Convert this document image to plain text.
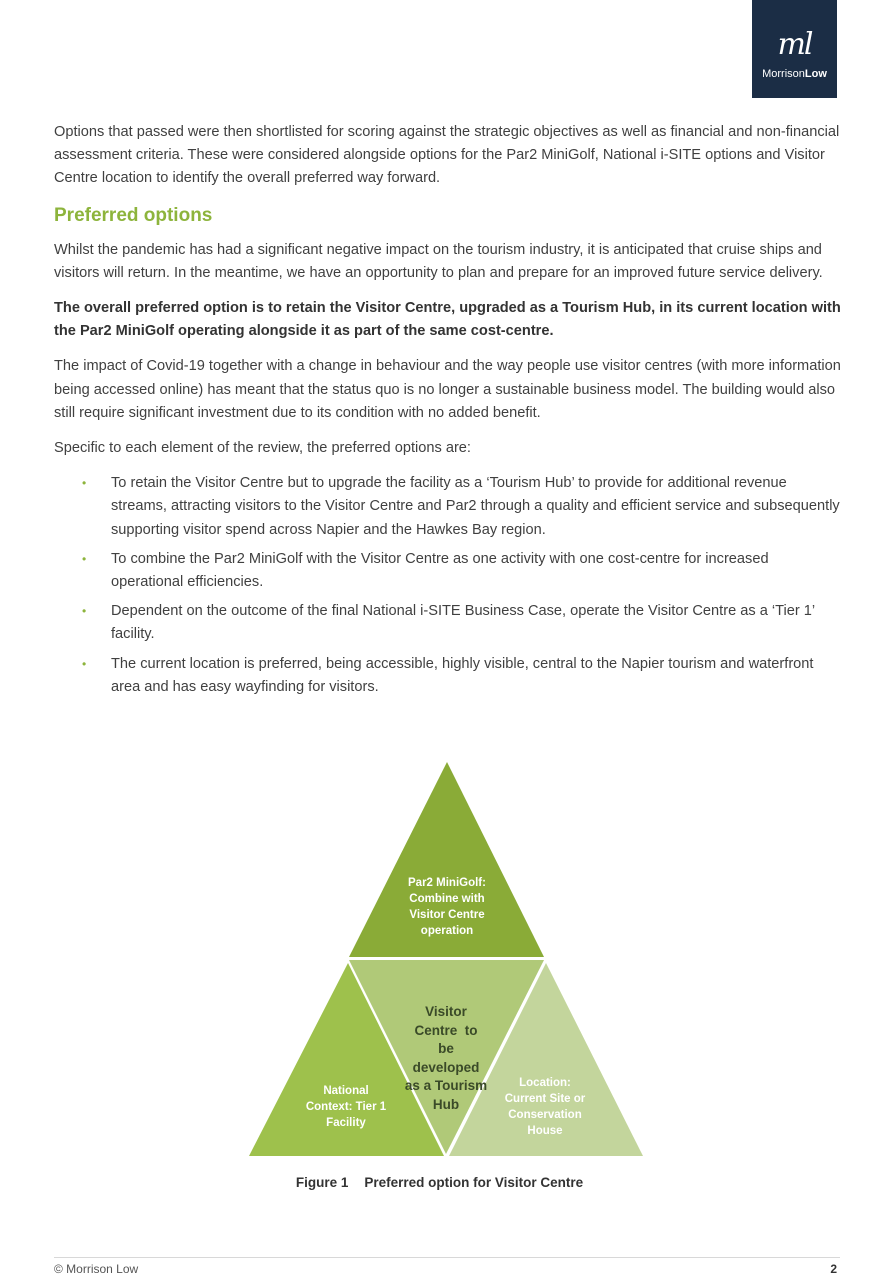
ml
MorrisonLow

Options that passed were then shortlisted for scoring against the strategic objectives as well as financial and non-financial assessment criteria. These were considered alongside options for the Par2 MiniGolf, National i-SITE options and Visitor Centre location to identify the overall preferred way forward.

Preferred options

Whilst the pandemic has had a significant negative impact on the tourism industry, it is anticipated that cruise ships and visitors will return. In the meantime, we have an opportunity to plan and prepare for an improved future service delivery.

The overall preferred option is to retain the Visitor Centre, upgraded as a Tourism Hub, in its current location with the Par2 MiniGolf operating alongside it as part of the same cost-centre.

The impact of Covid-19 together with a change in behaviour and the way people use visitor centres (with more information being accessed online) has meant that the status quo is no longer a sustainable business model. The building would also still require significant investment due to its condition with no added benefit.

Specific to each element of the review, the preferred options are:

• To retain the Visitor Centre but to upgrade the facility as a ‘Tourism Hub’ to provide for additional revenue streams, attracting visitors to the Visitor Centre and Par2 through a quality and efficient service and subsequently supporting visitor spend across Napier and the Hawkes Bay region.
• To combine the Par2 MiniGolf with the Visitor Centre as one activity with one cost-centre for increased operational efficiencies.
• Dependent on the outcome of the final National i-SITE Business Case, operate the Visitor Centre as a ‘Tier 1’ facility.
• The current location is preferred, being accessible, highly visible, central to the Napier tourism and waterfront area and has easy wayfinding for visitors.
Par2 MiniGolf:
Combine with
Visitor Centre
operation

Visitor
Centre  to
be
developed
as a Tourism
Hub

National
Context: Tier 1
Facility
Location:
Current Site or
Conservation
House
Figure 1 Preferred option for Visitor Centre
© Morrison Low	2
